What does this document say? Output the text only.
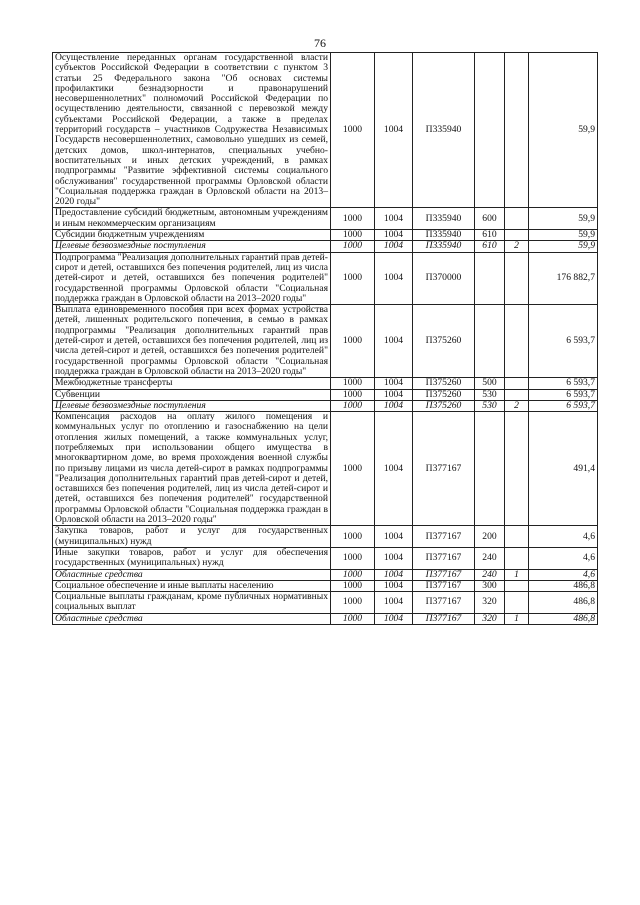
76
Осуществление переданных органам государственной власти субъектов Российской Федерации в соответствии с пунктом 3 статьи 25 Федерального закона "Об основах системы профилактики безнадзорности и правонарушений несовершеннолетних" полномочий Российской Федерации по осуществлению деятельности, связанной с перевозкой между субъектами Российской Федерации, а также в пределах территорий государств – участников Содружества Независимых Государств несовершеннолетних, самовольно ушедших из семей, детских домов, школ-интернатов, специальных учебно-воспитательных и иных детских учреждений, в рамках подпрограммы "Развитие эффективной системы социального обслуживания" государственной программы Орловской области "Социальная поддержка граждан в Орловской области на 2013–2020 годы"	1000	1004	П335940			59,9
Предоставление субсидий бюджетным, автономным учреждениям и иным некоммерческим организациям	1000	1004	П335940	600		59,9
Субсидии бюджетным учреждениям	1000	1004	П335940	610		59,9
Целевые безвозмездные поступления	1000	1004	П335940	610	2	59,9
Подпрограмма "Реализация дополнительных гарантий прав детей-сирот и детей, оставшихся без попечения родителей, лиц из числа детей-сирот и детей, оставшихся без попечения родителей" государственной программы Орловской области "Социальная поддержка граждан в Орловской области на 2013–2020 годы"	1000	1004	П370000			176 882,7
Выплата единовременного пособия при всех формах устройства детей, лишенных родительского попечения, в семью в рамках подпрограммы "Реализация дополнительных гарантий прав детей-сирот и детей, оставшихся без попечения родителей, лиц из числа детей-сирот и детей, оставшихся без попечения родителей" государственной программы Орловской области "Социальная поддержка граждан в Орловской области на 2013–2020 годы"	1000	1004	П375260			6 593,7
Межбюджетные трансферты	1000	1004	П375260	500		6 593,7
Субвенции	1000	1004	П375260	530		6 593,7
Целевые безвозмездные поступления	1000	1004	П375260	530	2	6 593,7
Компенсация расходов на оплату жилого помещения и коммунальных услуг по отоплению и газоснабжению на цели отопления жилых помещений, а также коммунальных услуг, потребляемых при использовании общего имущества в многоквартирном доме, во время прохождения военной службы по призыву лицами из числа детей-сирот в рамках подпрограммы "Реализация дополнительных гарантий прав детей-сирот и детей, оставшихся без попечения родителей, лиц из числа детей-сирот и детей, оставшихся без попечения родителей" государственной программы Орловской области "Социальная поддержка граждан в Орловской области на 2013–2020 годы"	1000	1004	П377167			491,4
Закупка товаров, работ и услуг для государственных (муниципальных) нужд	1000	1004	П377167	200		4,6
Иные закупки товаров, работ и услуг для обеспечения государственных (муниципальных) нужд	1000	1004	П377167	240		4,6
Областные средства	1000	1004	П377167	240	1	4,6
Социальное обеспечение и иные выплаты населению	1000	1004	П377167	300		486,8
Социальные выплаты гражданам, кроме публичных нормативных социальных выплат	1000	1004	П377167	320		486,8
Областные средства	1000	1004	П377167	320	1	486,8
